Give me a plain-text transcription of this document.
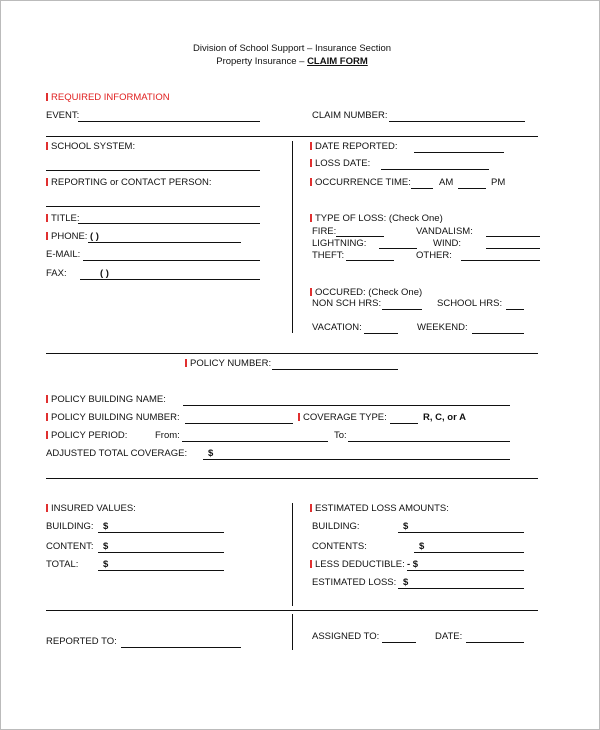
Division of School Support – Insurance Section
Property Insurance – CLAIM FORM
REQUIRED INFORMATION
EVENT:	CLAIM NUMBER:
SCHOOL SYSTEM:
REPORTING or CONTACT PERSON:
TITLE:
PHONE: ( )
E-MAIL:
FAX:	( )
DATE REPORTED:
LOSS DATE:
OCCURRENCE TIME:	AM	PM
TYPE OF LOSS: (Check One)
FIRE:	VANDALISM:
LIGHTNING:	WIND:
THEFT:	OTHER:
OCCURED: (Check One)
NON SCH HRS:	SCHOOL HRS:
VACATION:	WEEKEND:
POLICY NUMBER:
POLICY BUILDING NAME:
POLICY BUILDING NUMBER:	COVERAGE TYPE:	R, C, or A
POLICY PERIOD:	From:	To:
ADJUSTED TOTAL COVERAGE: $
INSURED VALUES:
BUILDING: $
CONTENT: $
TOTAL:	$
ESTIMATED LOSS AMOUNTS:
BUILDING:	$
CONTENTS:	$
LESS DEDUCTIBLE: - $
ESTIMATED LOSS: $
REPORTED TO:	ASSIGNED TO:	DATE:
